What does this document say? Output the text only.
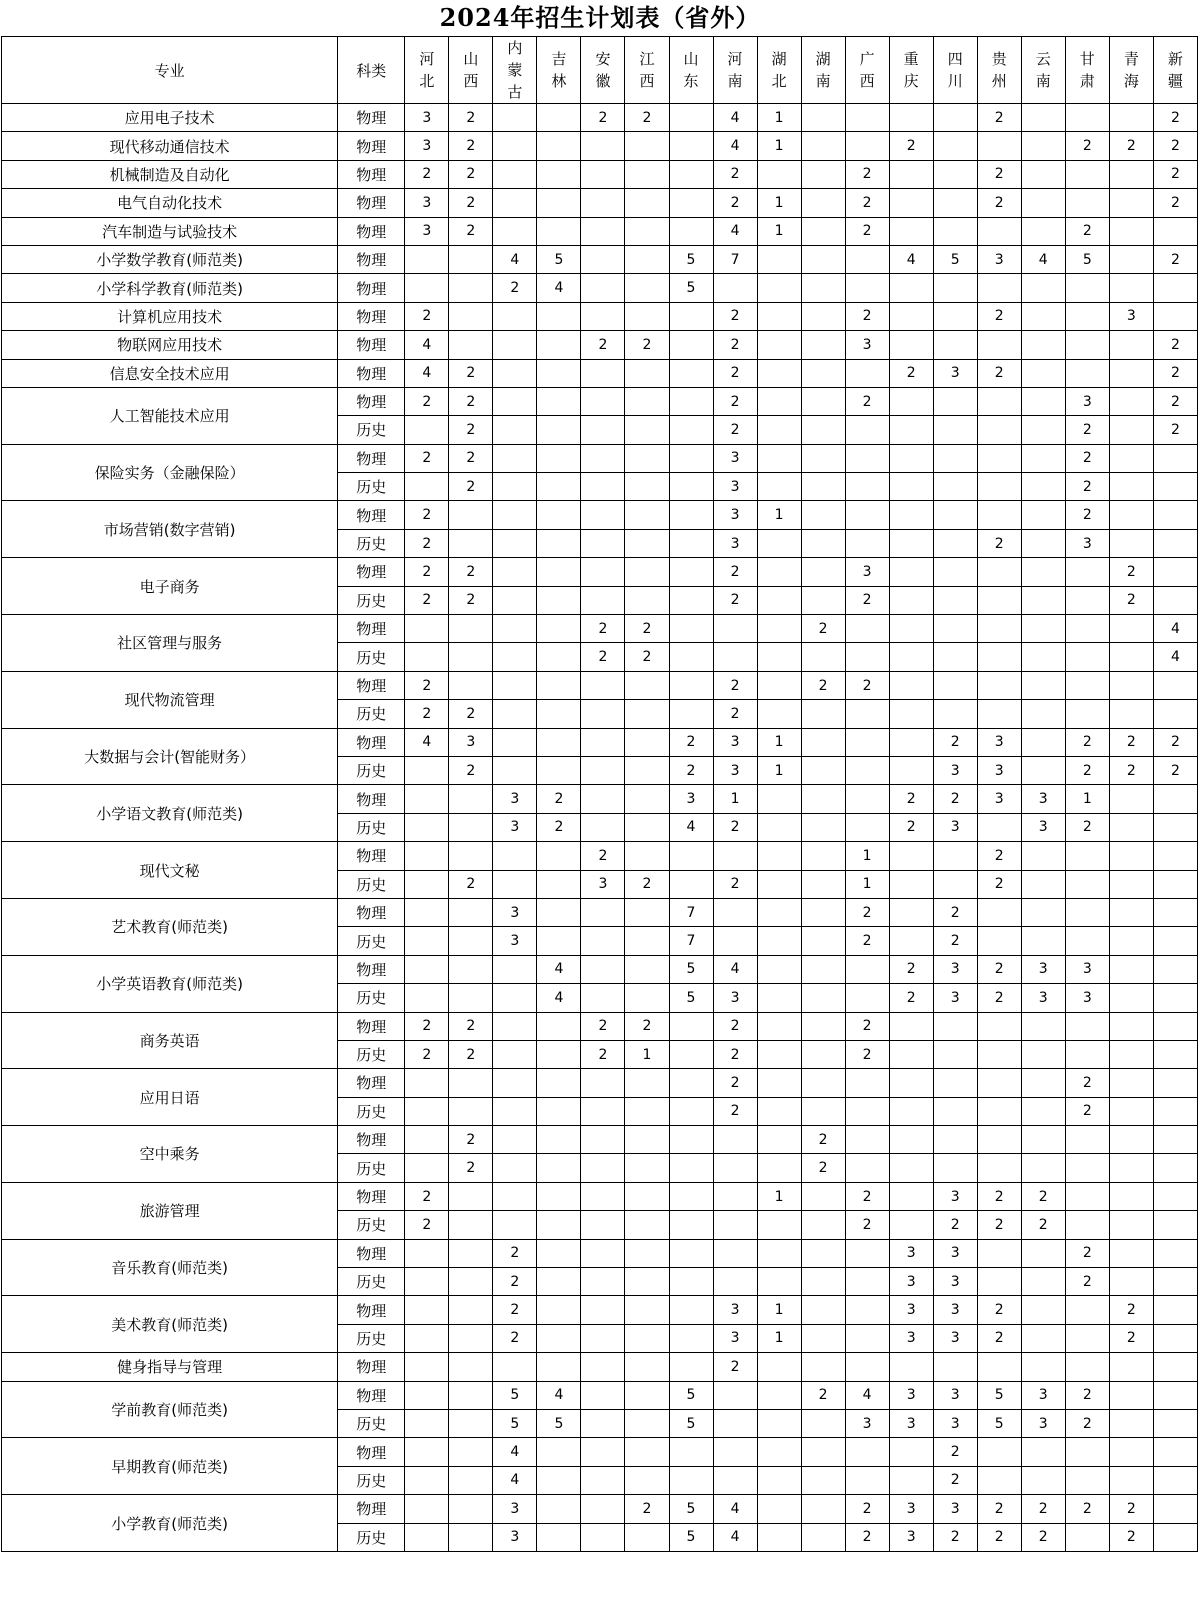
2024年招生计划表（省外）
专业	科类	河北	山西	内蒙古	吉林	安徽	江西	山东	河南	湖北	湖南	广西	重庆	四川	贵州	云南	甘肃	青海	新疆

应用电子技术	物理	3	2			2	2		4	1					2				2
现代移动通信技术	物理	3	2						4	1			2				2	2	2
机械制造及自动化	物理	2	2						2			2			2				2
电气自动化技术	物理	3	2						2	1		2			2				2
汽车制造与试验技术	物理	3	2						4	1		2					2		
小学数学教育(师范类)	物理			4	5			5	7				4	5	3	4	5		2
小学科学教育(师范类)	物理			2	4			5											
计算机应用技术	物理	2							2			2			2			3	
物联网应用技术	物理	4				2	2		2			3							2
信息安全技术应用	物理	4	2						2				2	3	2				2
人工智能技术应用	物理	2	2						2			2					3		2
	历史		2						2								2		2
保险实务（金融保险）	物理	2	2						3								2		
	历史		2						3								2		
市场营销(数字营销)	物理	2							3	1							2		
	历史	2							3						2		3		
电子商务	物理	2	2						2			3						2	
	历史	2	2						2			2						2	
社区管理与服务	物理					2	2				2								4
	历史					2	2												4
现代物流管理	物理	2							2		2	2							
	历史	2	2						2										
大数据与会计(智能财务）	物理	4	3					2	3	1				2	3		2	2	2
	历史		2					2	3	1				3	3		2	2	2
小学语文教育(师范类)	物理			3	2			3	1				2	2	3	3	1		
	历史			3	2			4	2				2	3		3	2		
现代文秘	物理					2						1			2				
	历史		2			3	2		2			1			2				
艺术教育(师范类)	物理			3				7				2		2					
	历史			3				7				2		2					
小学英语教育(师范类)	物理				4			5	4				2	3	2	3	3		
	历史				4			5	3				2	3	2	3	3		
商务英语	物理	2	2			2	2		2			2							
	历史	2	2			2	1		2			2							
应用日语	物理								2								2		
	历史								2								2		
空中乘务	物理		2								2								
	历史		2								2								
旅游管理	物理	2								1		2		3	2	2			
	历史	2										2		2	2	2			
音乐教育(师范类)	物理			2									3	3			2		
	历史			2									3	3			2		
美术教育(师范类)	物理			2					3	1			3	3	2			2	
	历史			2					3	1			3	3	2			2	
健身指导与管理	物理								2										
学前教育(师范类)	物理			5	4			5			2	4	3	3	5	3	2		
	历史			5	5			5				3	3	3	5	3	2		
早期教育(师范类)	物理			4										2					
	历史			4										2					
小学教育(师范类)	物理			3			2	5	4			2	3	3	2	2	2	2	
	历史			3				5	4			2	3	2	2	2		2	
